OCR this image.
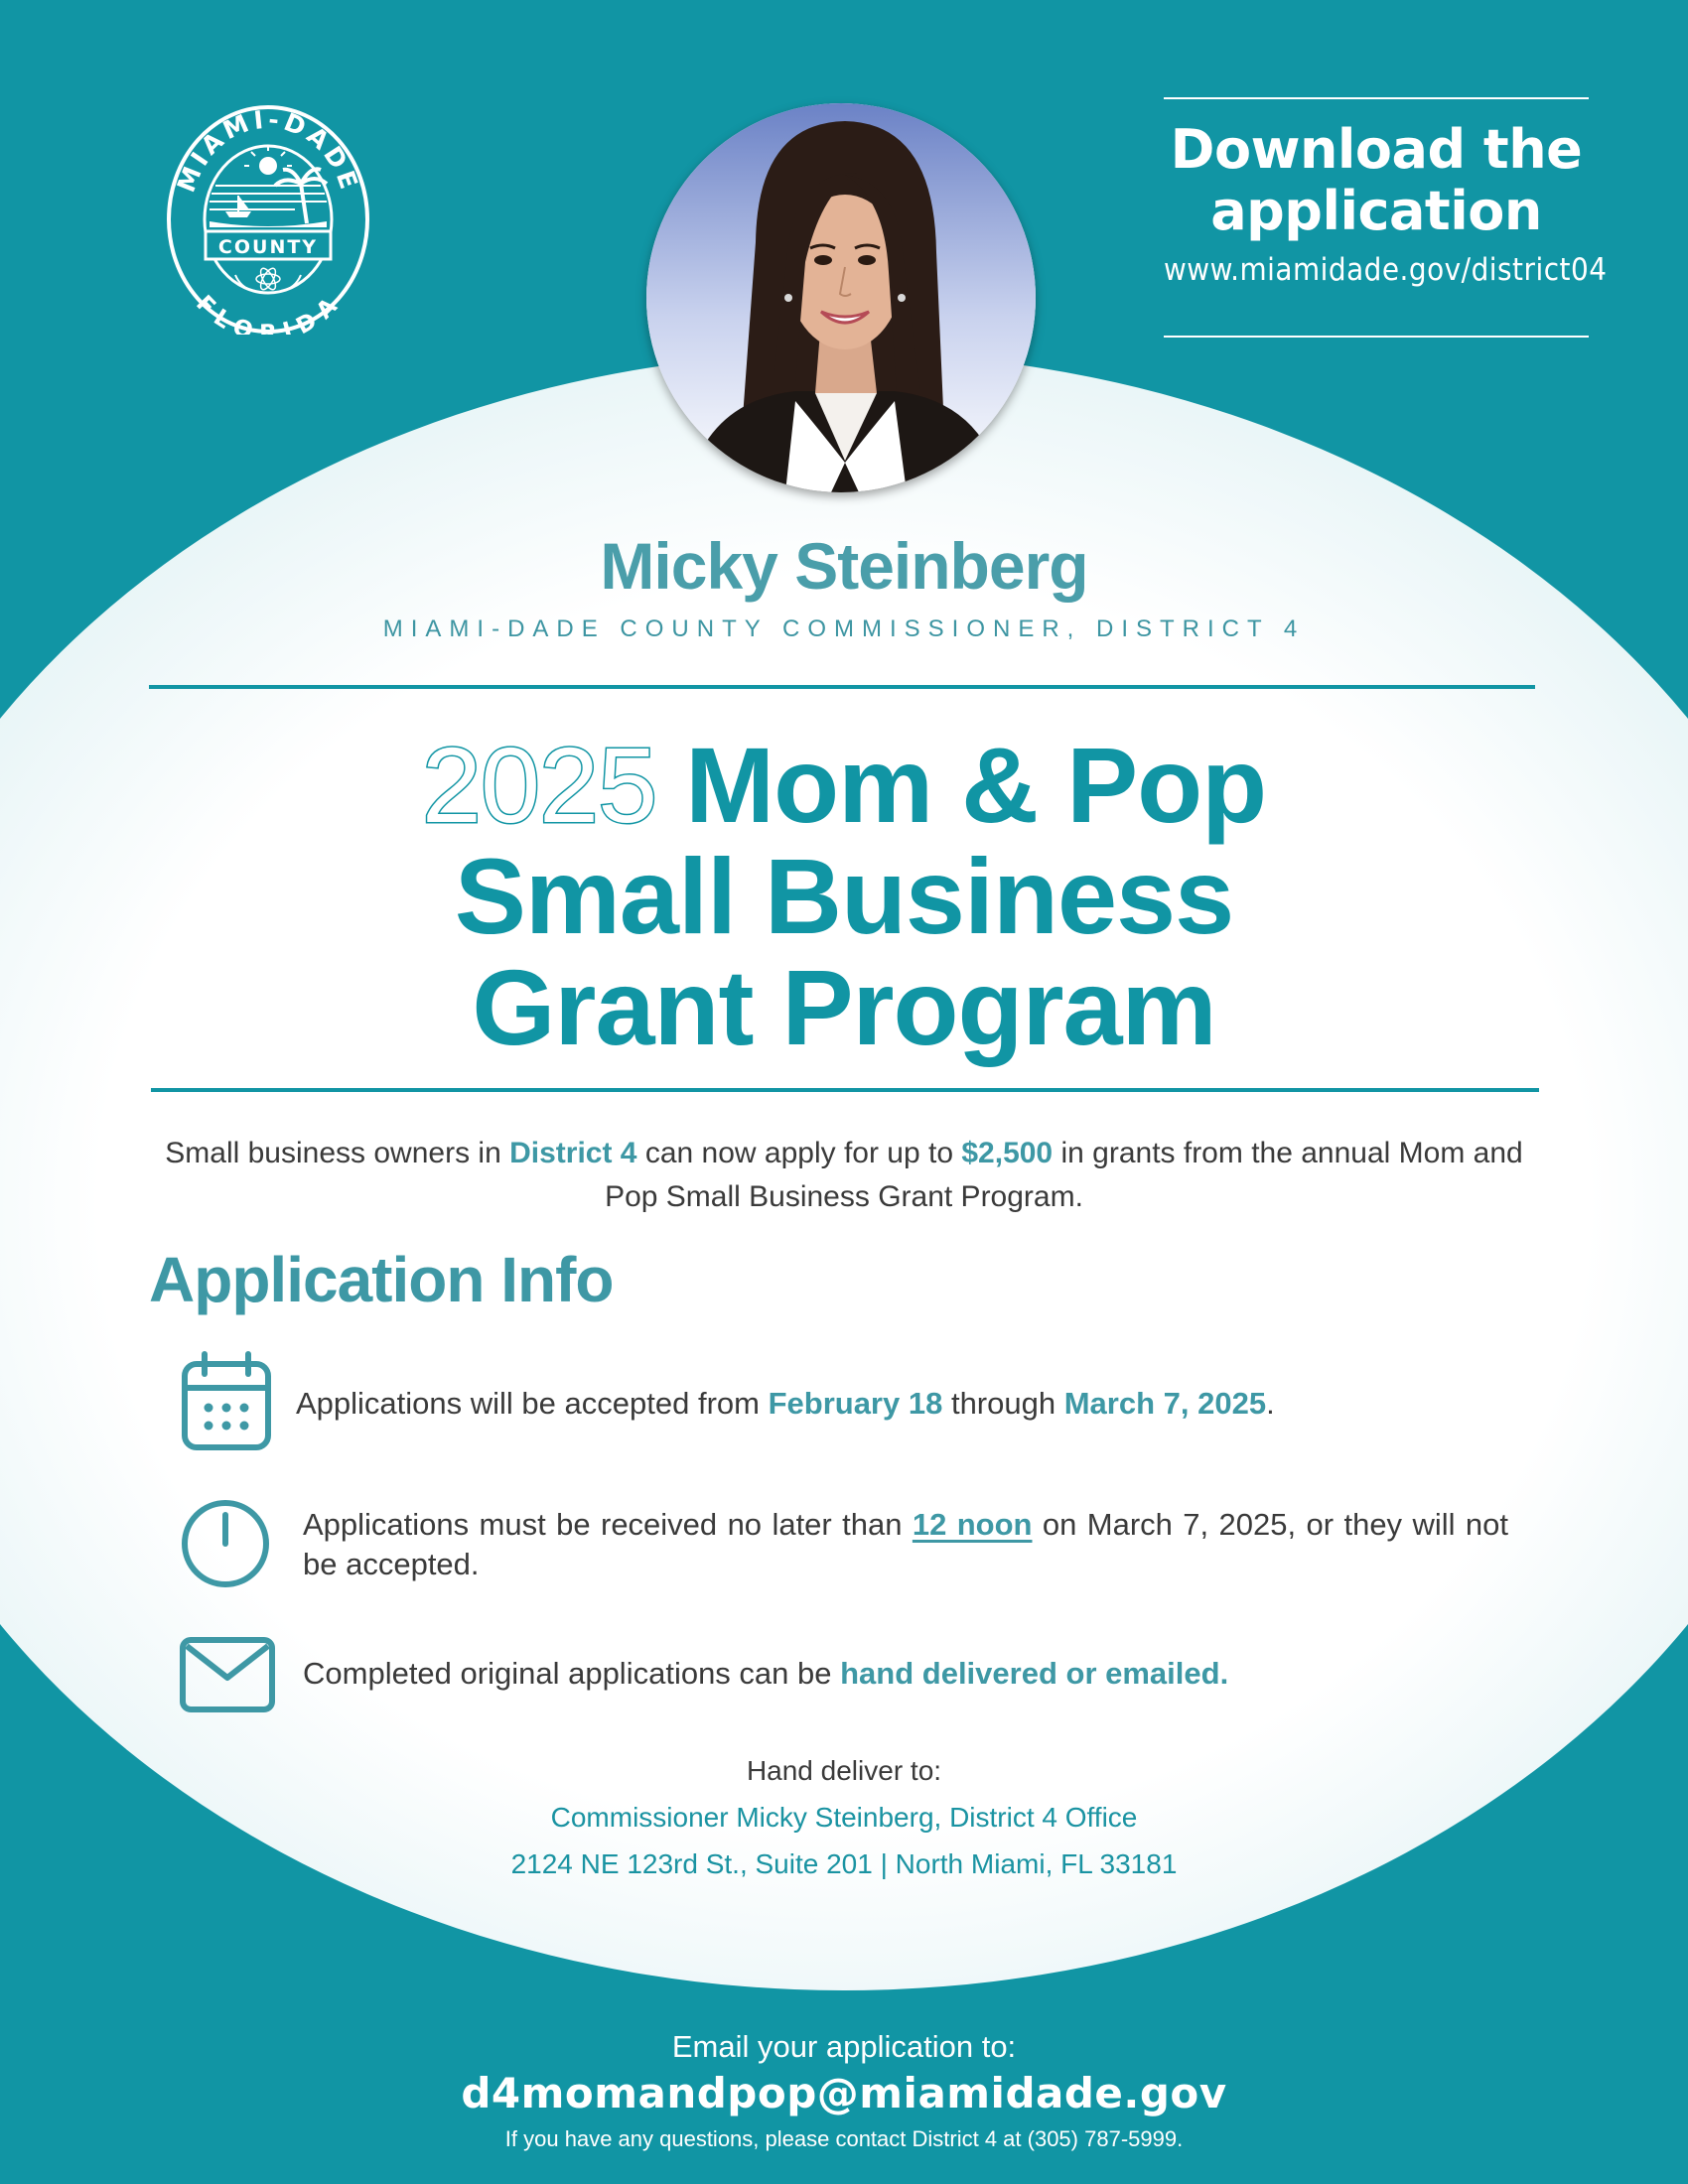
MIAMI-DADE
FLORIDA
COUNTY
Download the application
www.miamidade.gov/district04
Micky Steinberg
MIAMI-DADE COUNTY COMMISSIONER, DISTRICT 4
2025 Mom & Pop
Small Business
Grant Program
Small business owners in District 4 can now apply for up to $2,500 in grants from the annual Mom and Pop Small Business Grant Program.
Application Info
Applications will be accepted from February 18 through March 7, 2025.
Applications must be received no later than 12 noon on March 7, 2025, or they will not be accepted.
Completed original applications can be hand delivered or emailed.
Hand deliver to:
Commissioner Micky Steinberg, District 4 Office
2124 NE 123rd St., Suite 201 | North Miami, FL 33181
Email your application to:
d4momandpop@miamidade.gov
If you have any questions, please contact District 4 at (305) 787-5999.
